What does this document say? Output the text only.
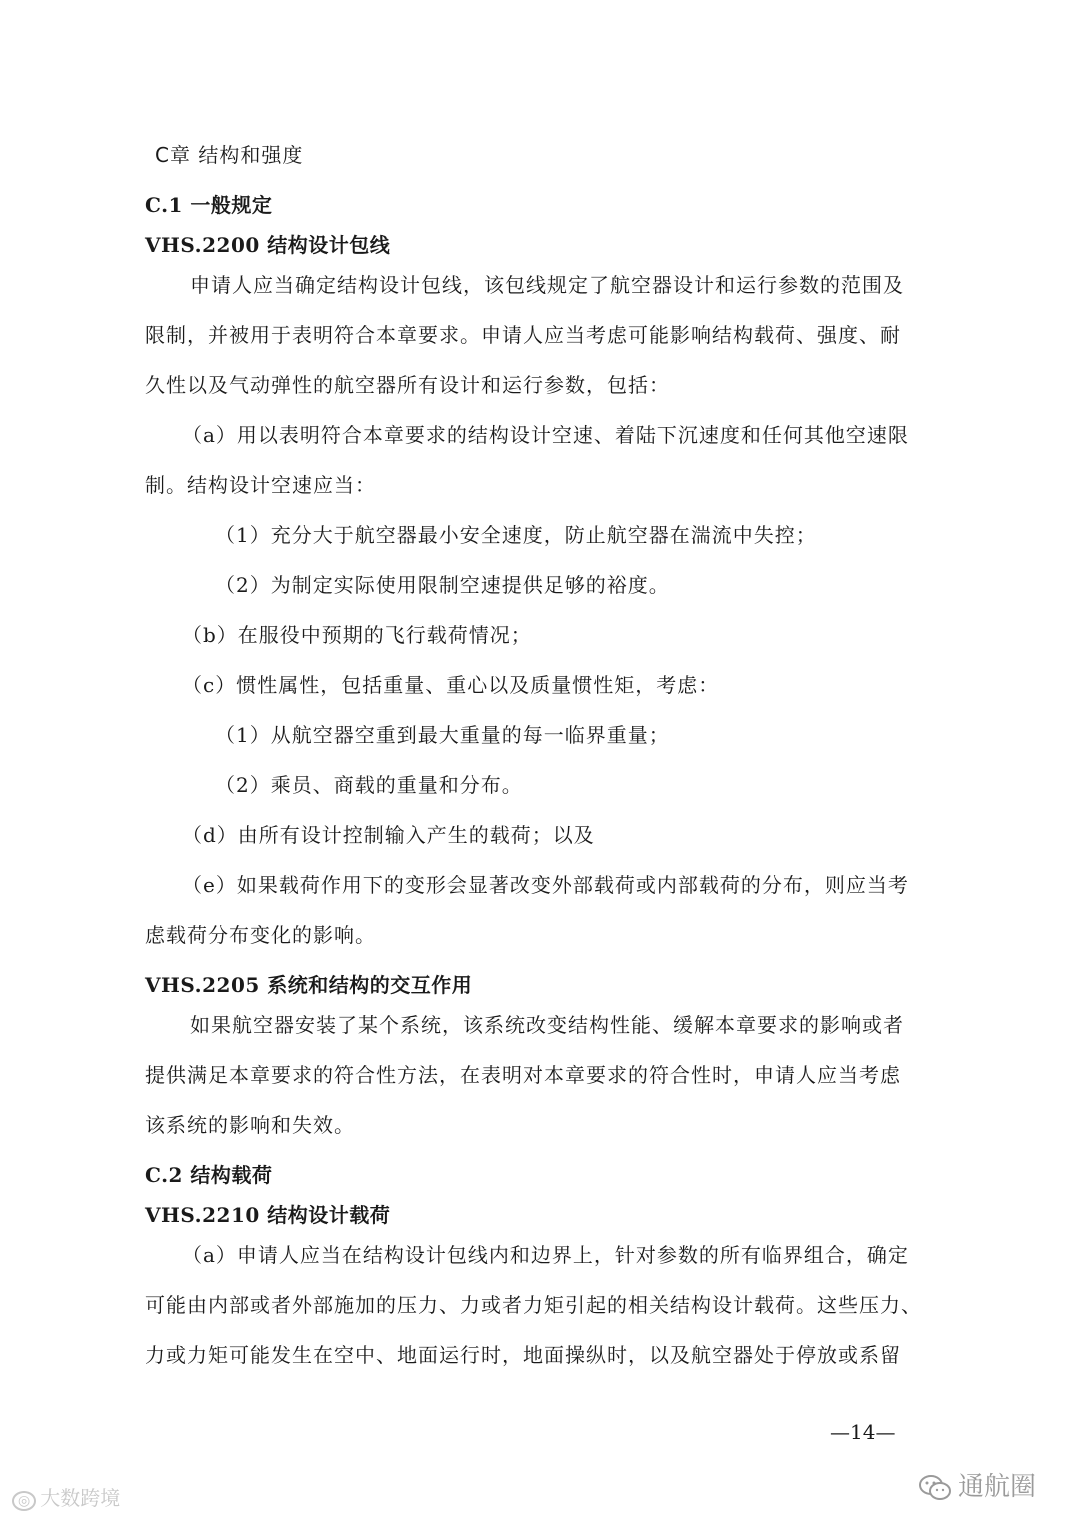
C章 结构和强度
C.1 一般规定
VHS.2200 结构设计包线
申请人应当确定结构设计包线，该包线规定了航空器设计和运行参数的范围及
限制，并被用于表明符合本章要求。申请人应当考虑可能影响结构载荷、强度、耐
久性以及气动弹性的航空器所有设计和运行参数，包括：
（a）用以表明符合本章要求的结构设计空速、着陆下沉速度和任何其他空速限
制。结构设计空速应当：
（1）充分大于航空器最小安全速度，防止航空器在湍流中失控；
（2）为制定实际使用限制空速提供足够的裕度。
（b）在服役中预期的飞行载荷情况；
（c）惯性属性，包括重量、重心以及质量惯性矩，考虑：
（1）从航空器空重到最大重量的每一临界重量；
（2）乘员、商载的重量和分布。
（d）由所有设计控制输入产生的载荷；以及
（e）如果载荷作用下的变形会显著改变外部载荷或内部载荷的分布，则应当考
虑载荷分布变化的影响。
VHS.2205 系统和结构的交互作用
如果航空器安装了某个系统，该系统改变结构性能、缓解本章要求的影响或者
提供满足本章要求的符合性方法，在表明对本章要求的符合性时，申请人应当考虑
该系统的影响和失效。
C.2 结构载荷
VHS.2210 结构设计载荷
（a）申请人应当在结构设计包线内和边界上，针对参数的所有临界组合，确定
可能由内部或者外部施加的压力、力或者力矩引起的相关结构设计载荷。这些压力、
力或力矩可能发生在空中、地面运行时，地面操纵时，以及航空器处于停放或系留
—14—
◎ 大数跨境	通航圈
